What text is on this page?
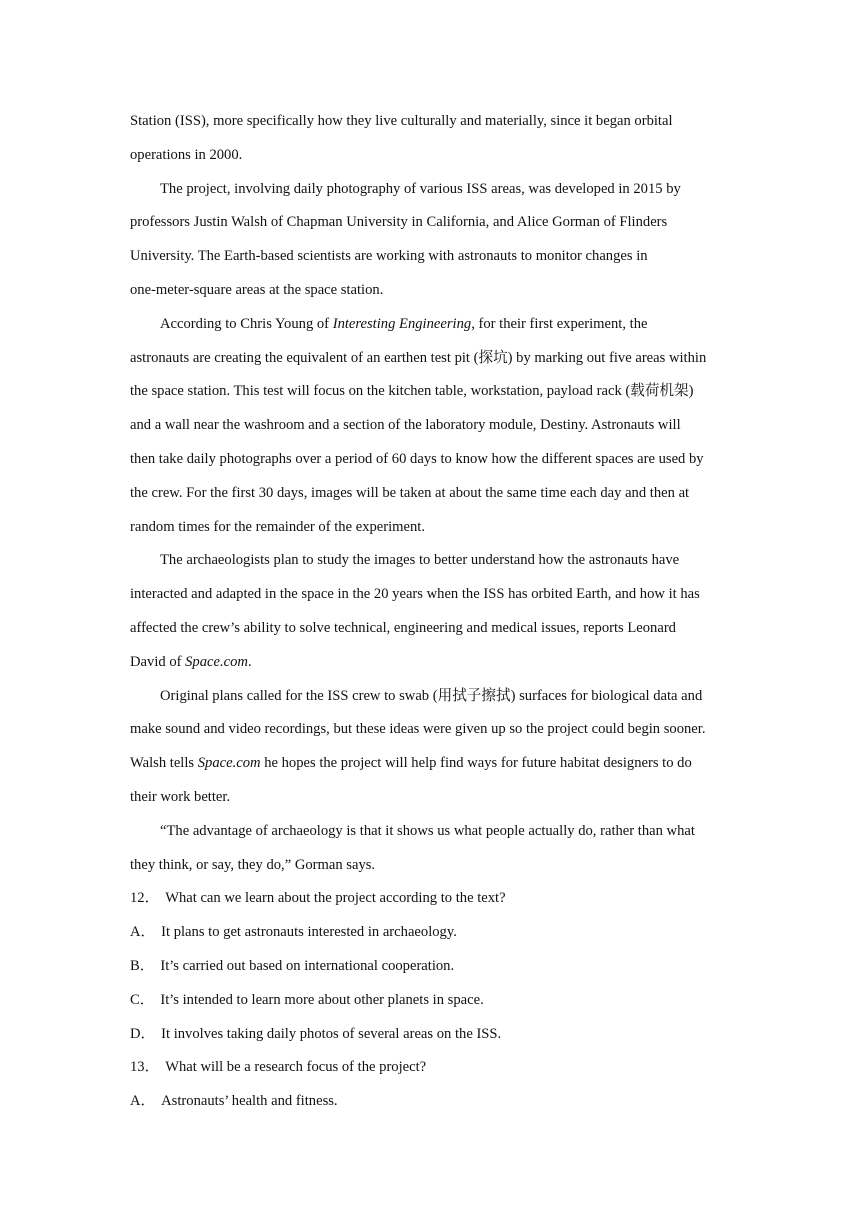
Station (ISS), more specifically how they live culturally and materially, since it began orbital
operations in 2000.
The project, involving daily photography of various ISS areas, was developed in 2015 by
professors Justin Walsh of Chapman University in California, and Alice Gorman of Flinders
University. The Earth-based scientists are working with astronauts to monitor changes in
one-meter-square areas at the space station.
According to Chris Young of Interesting Engineering, for their first experiment, the
astronauts are creating the equivalent of an earthen test pit (探坑) by marking out five areas within
the space station. This test will focus on the kitchen table, workstation, payload rack (载荷机架)
and a wall near the washroom and a section of the laboratory module, Destiny. Astronauts will
then take daily photographs over a period of 60 days to know how the different spaces are used by
the crew. For the first 30 days, images will be taken at about the same time each day and then at
random times for the remainder of the experiment.
The archaeologists plan to study the images to better understand how the astronauts have
interacted and adapted in the space in the 20 years when the ISS has orbited Earth, and how it has
affected the crew’s ability to solve technical, engineering and medical issues, reports Leonard
David of Space.com.
Original plans called for the ISS crew to swab (用拭子擦拭) surfaces for biological data and
make sound and video recordings, but these ideas were given up so the project could begin sooner.
Walsh tells Space.com he hopes the project will help find ways for future habitat designers to do
their work better.
“The advantage of archaeology is that it shows us what people actually do, rather than what
they think, or say, they do,” Gorman says.
12． What can we learn about the project according to the text?
A． It plans to get astronauts interested in archaeology.
B． It’s carried out based on international cooperation.
C． It’s intended to learn more about other planets in space.
D． It involves taking daily photos of several areas on the ISS.
13． What will be a research focus of the project?
A． Astronauts’ health and fitness.
